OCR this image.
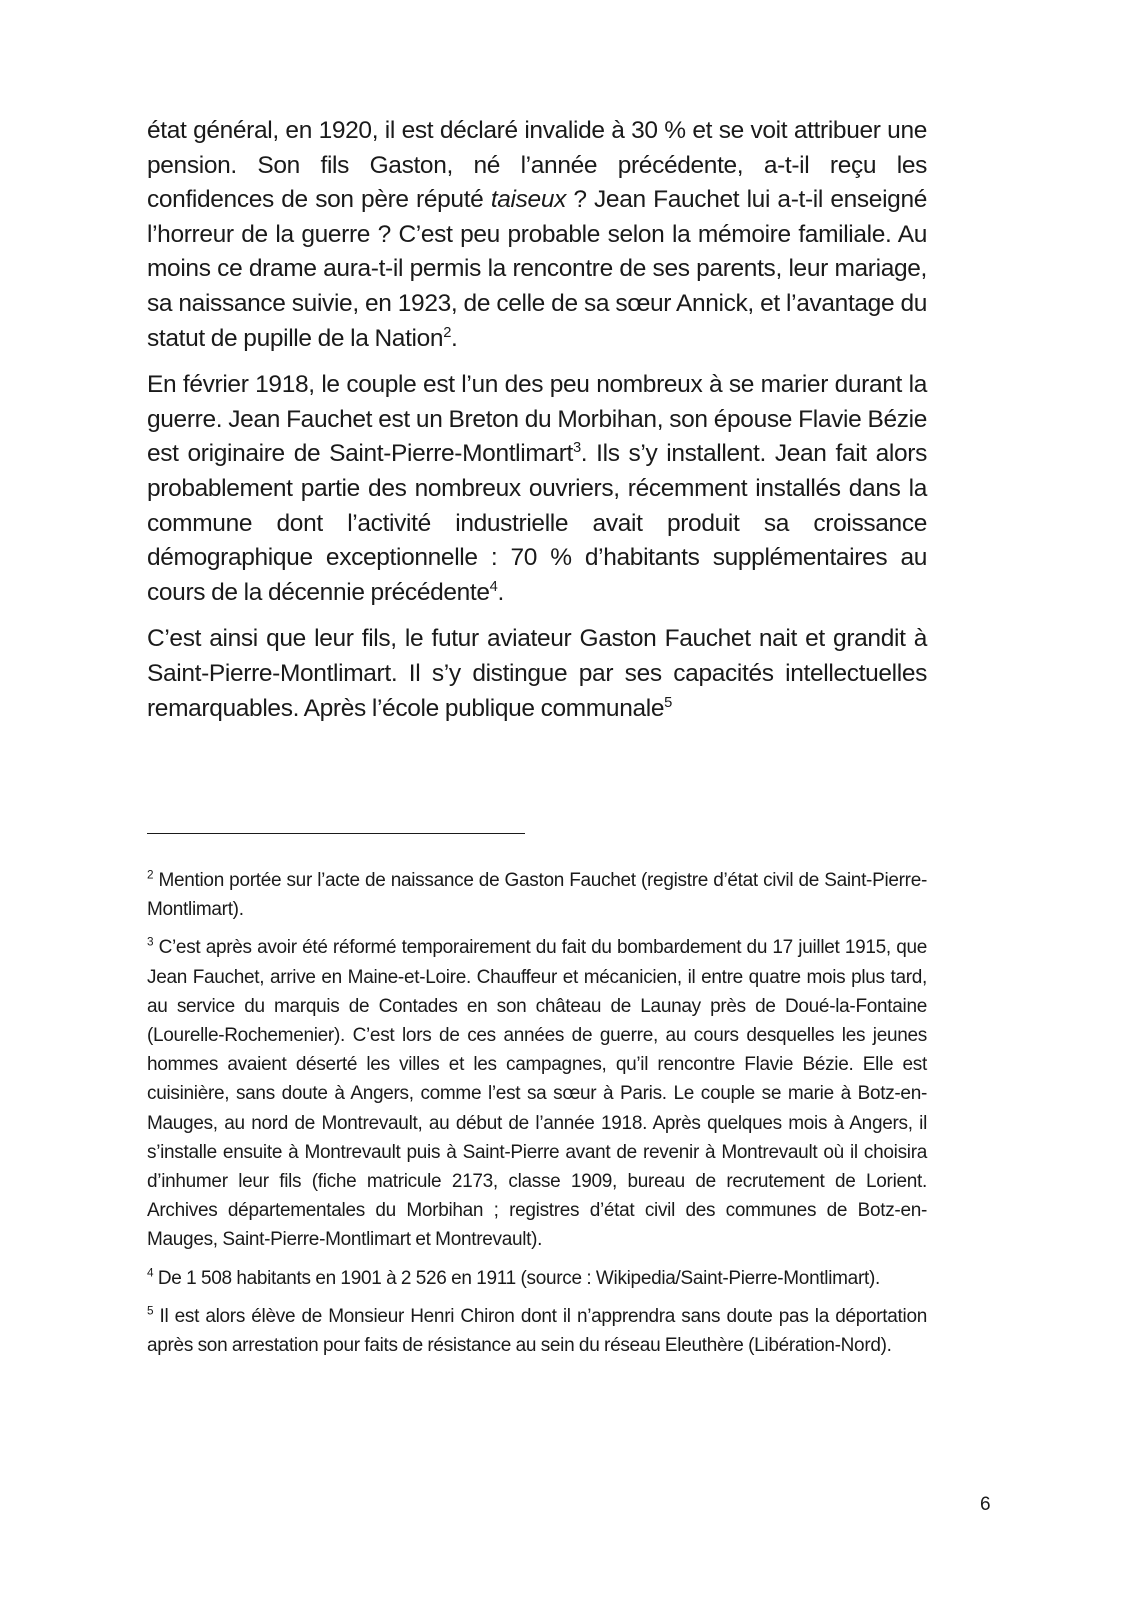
état général, en 1920, il est déclaré invalide à 30 % et se voit attribuer une pension. Son fils Gaston, né l’année précédente, a-t-il reçu les confidences de son père réputé taiseux ? Jean Fauchet lui a-t-il enseigné l’horreur de la guerre ? C’est peu probable selon la mémoire familiale. Au moins ce drame aura-t-il permis la rencontre de ses parents, leur mariage, sa naissance suivie, en 1923, de celle de sa sœur Annick, et l’avantage du statut de pupille de la Nation$^2$.

En février 1918, le couple est l’un des peu nombreux à se marier durant la guerre. Jean Fauchet est un Breton du Morbihan, son épouse Flavie Bézie est originaire de Saint-Pierre-Montlimart$^3$. Ils s’y installent. Jean fait alors probablement partie des nombreux ouvriers, récemment installés dans la commune dont l’activité industrielle avait produit sa croissance démographique exceptionnelle : 70 % d’habitants supplémentaires au cours de la décennie précédente$^4$.

C’est ainsi que leur fils, le futur aviateur Gaston Fauchet nait et grandit à Saint-Pierre-Montlimart. Il s’y distingue par ses capacités intellectuelles remarquables. Après l’école publique communale$^5$

$^2$ Mention portée sur l’acte de naissance de Gaston Fauchet (registre d’état civil de Saint-Pierre-Montlimart).

$^3$ C’est après avoir été réformé temporairement du fait du bombardement du 17 juillet 1915, que Jean Fauchet, arrive en Maine-et-Loire. Chauffeur et mécanicien, il entre quatre mois plus tard, au service du marquis de Contades en son château de Launay près de Doué-la-Fontaine (Lourelle-Rochemenier). C’est lors de ces années de guerre, au cours desquelles les jeunes hommes avaient déserté les villes et les campagnes, qu’il rencontre Flavie Bézie. Elle est cuisinière, sans doute à Angers, comme l’est sa sœur à Paris. Le couple se marie à Botz-en-Mauges, au nord de Montrevault, au début de l’année 1918. Après quelques mois à Angers, il s’installe ensuite à Montrevault puis à Saint-Pierre avant de revenir à Montrevault où il choisira d’inhumer leur fils (fiche matricule 2173, classe 1909, bureau de recrutement de Lorient. Archives départementales du Morbihan ; registres d’état civil des communes de Botz-en-Mauges, Saint-Pierre-Montlimart et Montrevault).

$^4$ De 1 508 habitants en 1901 à 2 526 en 1911 (source : Wikipedia/Saint-Pierre-Montlimart).

$^5$ Il est alors élève de Monsieur Henri Chiron dont il n’apprendra sans doute pas la déportation après son arrestation pour faits de résistance au sein du réseau Eleuthère (Libération-Nord).

6
